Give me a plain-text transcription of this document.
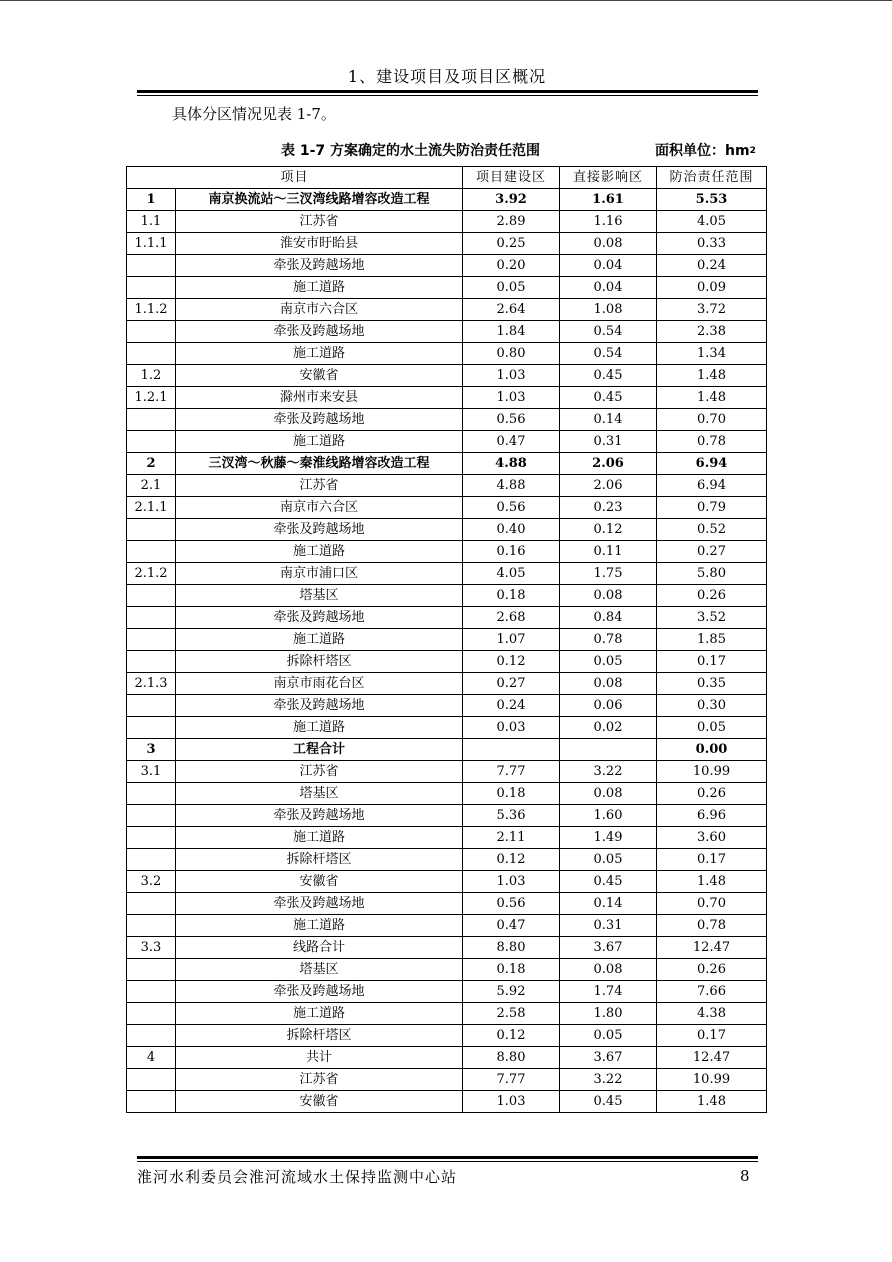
1、建设项目及项目区概况
具体分区情况见表 1-7。
表 1-7 方案确定的水土流失防治责任范围	面积单位：$hm^2$
项目		项目建设区	直接影响区	防治责任范围
1	南京换流站～三汊湾线路增容改造工程	3.92	1.61	5.53
1.1	江苏省	2.89	1.16	4.05
1.1.1	淮安市盱眙县	0.25	0.08	0.33
	牵张及跨越场地	0.20	0.04	0.24
	施工道路	0.05	0.04	0.09
1.1.2	南京市六合区	2.64	1.08	3.72
	牵张及跨越场地	1.84	0.54	2.38
	施工道路	0.80	0.54	1.34
1.2	安徽省	1.03	0.45	1.48
1.2.1	滁州市来安县	1.03	0.45	1.48
	牵张及跨越场地	0.56	0.14	0.70
	施工道路	0.47	0.31	0.78
2	三汊湾～秋藤～秦淮线路增容改造工程	4.88	2.06	6.94
2.1	江苏省	4.88	2.06	6.94
2.1.1	南京市六合区	0.56	0.23	0.79
	牵张及跨越场地	0.40	0.12	0.52
	施工道路	0.16	0.11	0.27
2.1.2	南京市浦口区	4.05	1.75	5.80
	塔基区	0.18	0.08	0.26
	牵张及跨越场地	2.68	0.84	3.52
	施工道路	1.07	0.78	1.85
	拆除杆塔区	0.12	0.05	0.17
2.1.3	南京市雨花台区	0.27	0.08	0.35
	牵张及跨越场地	0.24	0.06	0.30
	施工道路	0.03	0.02	0.05
3	工程合计			0.00
3.1	江苏省	7.77	3.22	10.99
	塔基区	0.18	0.08	0.26
	牵张及跨越场地	5.36	1.60	6.96
	施工道路	2.11	1.49	3.60
	拆除杆塔区	0.12	0.05	0.17
3.2	安徽省	1.03	0.45	1.48
	牵张及跨越场地	0.56	0.14	0.70
	施工道路	0.47	0.31	0.78
3.3	线路合计	8.80	3.67	12.47
	塔基区	0.18	0.08	0.26
	牵张及跨越场地	5.92	1.74	7.66
	施工道路	2.58	1.80	4.38
	拆除杆塔区	0.12	0.05	0.17
4	共计	8.80	3.67	12.47
	江苏省	7.77	3.22	10.99
	安徽省	1.03	0.45	1.48
淮河水利委员会淮河流域水土保持监测中心站	8
